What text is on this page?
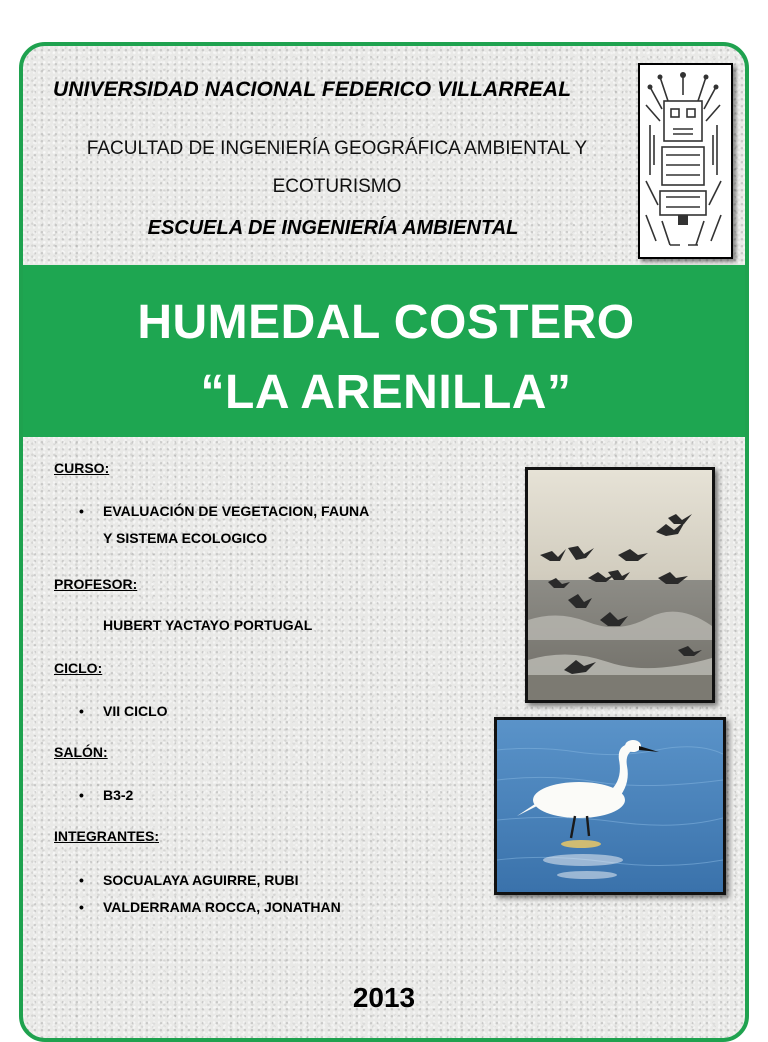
UNIVERSIDAD NACIONAL FEDERICO VILLARREAL
FACULTAD DE INGENIERÍA GEOGRÁFICA AMBIENTAL Y
ECOTURISMO
ESCUELA DE INGENIERÍA AMBIENTAL
HUMEDAL COSTERO
“LA ARENILLA”
CURSO:
• EVALUACIÓN DE VEGETACION, FAUNA
Y SISTEMA ECOLOGICO
PROFESOR:
HUBERT YACTAYO PORTUGAL
CICLO:
• VII CICLO
SALÓN:
• B3-2
INTEGRANTES:
• SOCUALAYA AGUIRRE, RUBI
• VALDERRAMA ROCCA, JONATHAN
2013
